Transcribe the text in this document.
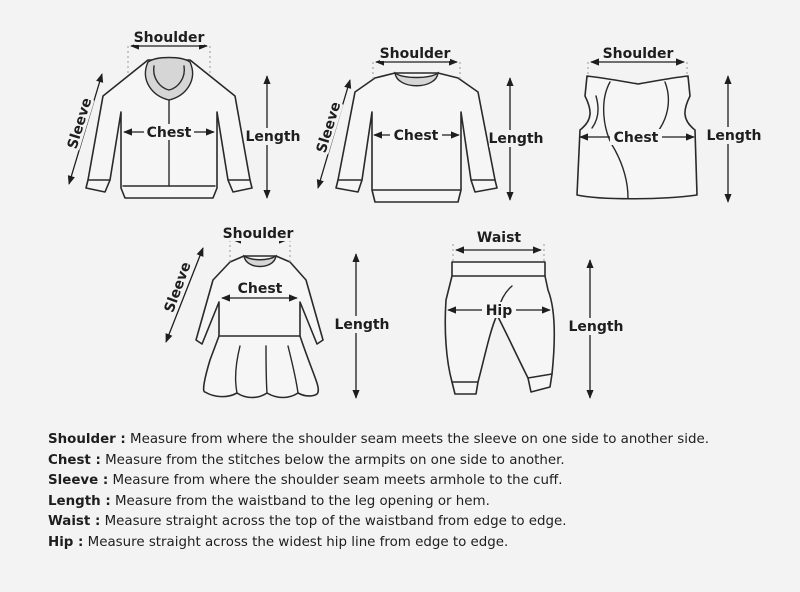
Shoulder
Chest
Sleeve	Length
Shoulder
Chest
Sleeve	Length
Shoulder
Chest	Length
Shoulder
Chest
Sleeve
Length
Waist
Hip
Length
Shoulder : Measure from where the shoulder seam meets the sleeve on one side to another side.
Chest : Measure from the stitches below the armpits on one side to another.
Sleeve : Measure from where the shoulder seam meets armhole to the cuff.
Length : Measure from the waistband to the leg opening or hem.
Waist : Measure straight across the top of the waistband from edge to edge.
Hip : Measure straight across the widest hip line from edge to edge.
